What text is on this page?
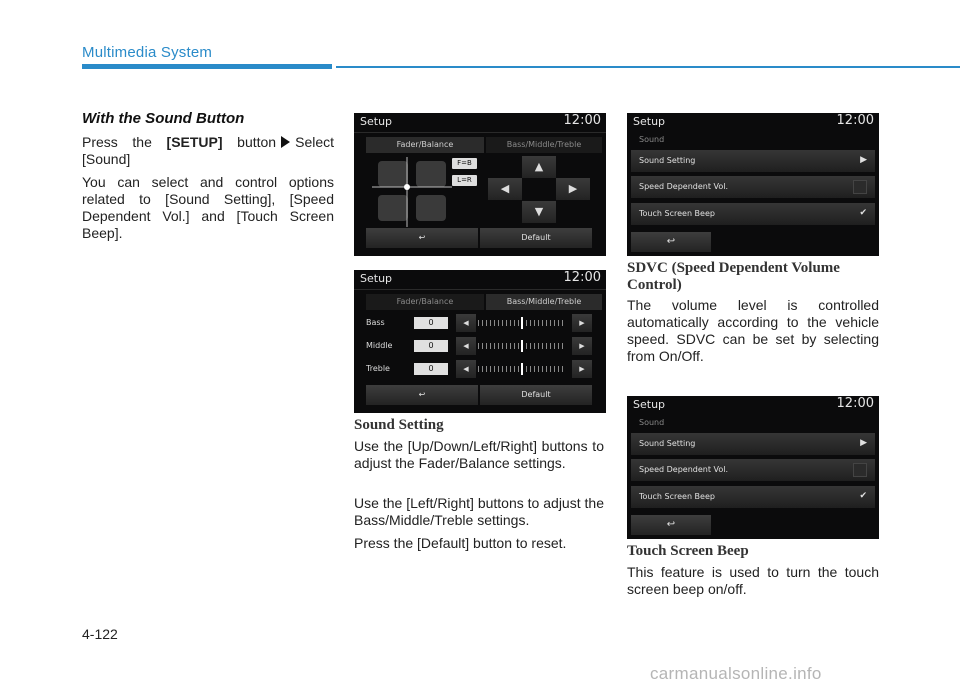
Multimedia System
With the Sound Button

Press the [SETUP] button Select [Sound]

You can select and control options related to [Sound Setting], [Speed Dependent Vol.] and [Touch Screen Beep].

Setup	12:00
Fader/Balance	Bass/Middle/Treble
F=B
L=R
▲
◀	▶
▼
↩	Default
Setup	12:00
Fader/Balance	Bass/Middle/Treble
Bass	0	◀	▶
Middle	0	◀	▶
Treble	0	◀	▶
↩	Default
Sound Setting

Use the [Up/Down/Left/Right] buttons to adjust the Fader/Balance settings.

Use the [Left/Right] buttons to adjust the Bass/Middle/Treble settings.

Press the [Default] button to reset.

Setup	12:00
Sound
Sound Setting	▶
Speed Dependent Vol.
Touch Screen Beep	✔
↩
SDVC (Speed Dependent Volume Control)

The volume level is controlled automatically according to the vehicle speed. SDVC can be set by selecting from On/Off.

Setup	12:00
Sound
Sound Setting	▶
Speed Dependent Vol.
Touch Screen Beep	✔
↩
Touch Screen Beep

This feature is used to turn the touch screen beep on/off.

4-122
carmanualsonline.info
